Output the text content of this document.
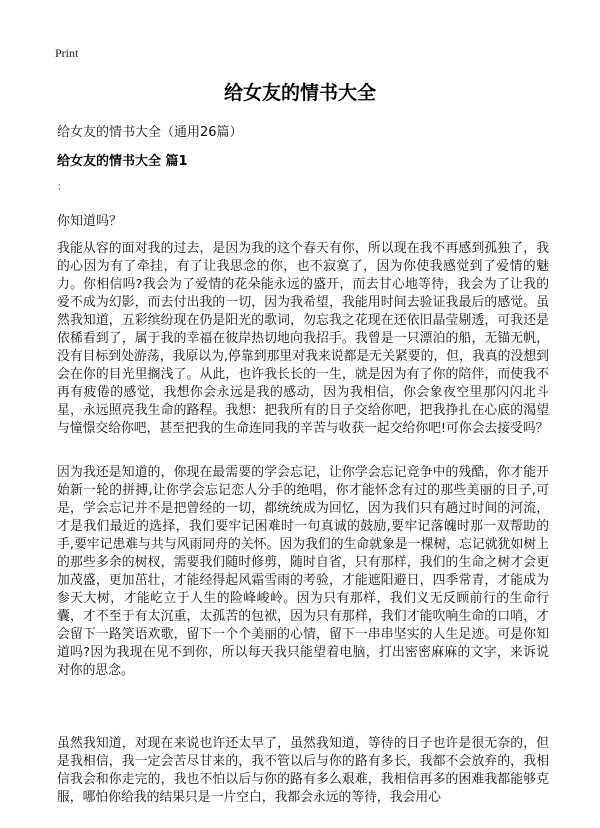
Print
给女友的情书大全
给女友的情书大全（通用26篇）
给女友的情书大全 篇1
：
你知道吗？

我能从容的面对我的过去，是因为我的这个春天有你，所以现在我不再感到孤独了，我的心因为有了牵挂，有了让我思念的你，也不寂寞了，因为你使我感觉到了爱情的魅力。你相信吗?我会为了爱情的花朵能永远的盛开，而去甘心地等待，我会为了让我的爱不成为幻影，而去付出我的一切，因为我希望，我能用时间去验证我最后的感觉。虽然我知道，五彩缤纷现在仍是阳光的歌词，勿忘我之花现在还依旧晶莹剔透，可我还是依稀看到了，属于我的幸福在彼岸热切地向我招手。我曾是一只漂泊的船，无锚无帆，没有目标到处游荡，我原以为,停靠到那里对我来说都是无关紧要的，但，我真的没想到会在你的目光里搁浅了。从此，也许我长长的一生，就是因为有了你的陪伴，而使我不再有疲倦的感觉，我想你会永远是我的感动，因为我相信，你会象夜空里那闪闪北斗星，永远照亮我生命的路程。我想：把我所有的日子交给你吧，把我挣扎在心底的渴望与憧憬交给你吧，甚至把我的生命连同我的辛苦与收获一起交给你吧!可你会去接受吗？

因为我还是知道的，你现在最需要的学会忘记，让你学会忘记竞争中的残酷，你才能开始新一轮的拼搏,让你学会忘记恋人分手的绝唱，你才能怀念有过的那些美丽的日子,可是，学会忘记并不是把曾经的一切，都统统成为回忆，因为我们只有趟过时间的河流，才是我们最近的选择，我们要牢记困难时一句真诚的鼓励,要牢记落魄时那一双帮助的手,要牢记患难与共与风雨同舟的关怀。因为我们的生命就象是一棵树，忘记就犹如树上的那些多余的树杈，需要我们随时修剪，随时自省，只有那样，我们的生命之树才会更加茂盛，更加茁壮，才能经得起风霜雪雨的考验，才能遮阳避日，四季常青，才能成为参天大树，才能屹立于人生的险峰峻岭。因为只有那样，我们义无反顾前行的生命行囊，才不至于有太沉重，太孤苦的包袱，因为只有那样，我们才能吹响生命的口哨，才会留下一路笑语欢歌，留下一个个美丽的心情，留下一串串坚实的人生足迹。可是你知道吗?因为我现在见不到你，所以每天我只能望着电脑，打出密密麻麻的文字，来诉说对你的思念。

虽然我知道，对现在来说也许还太早了，虽然我知道，等待的日子也许是很无奈的，但是我相信，我一定会苦尽甘来的，我不管以后与你的路有多长，我都不会放弃的，我相信我会和你走完的，我也不怕以后与你的路有多么艰难，我相信再多的困难我都能够克服，哪怕你给我的结果只是一片空白，我都会永远的等待，我会用心
